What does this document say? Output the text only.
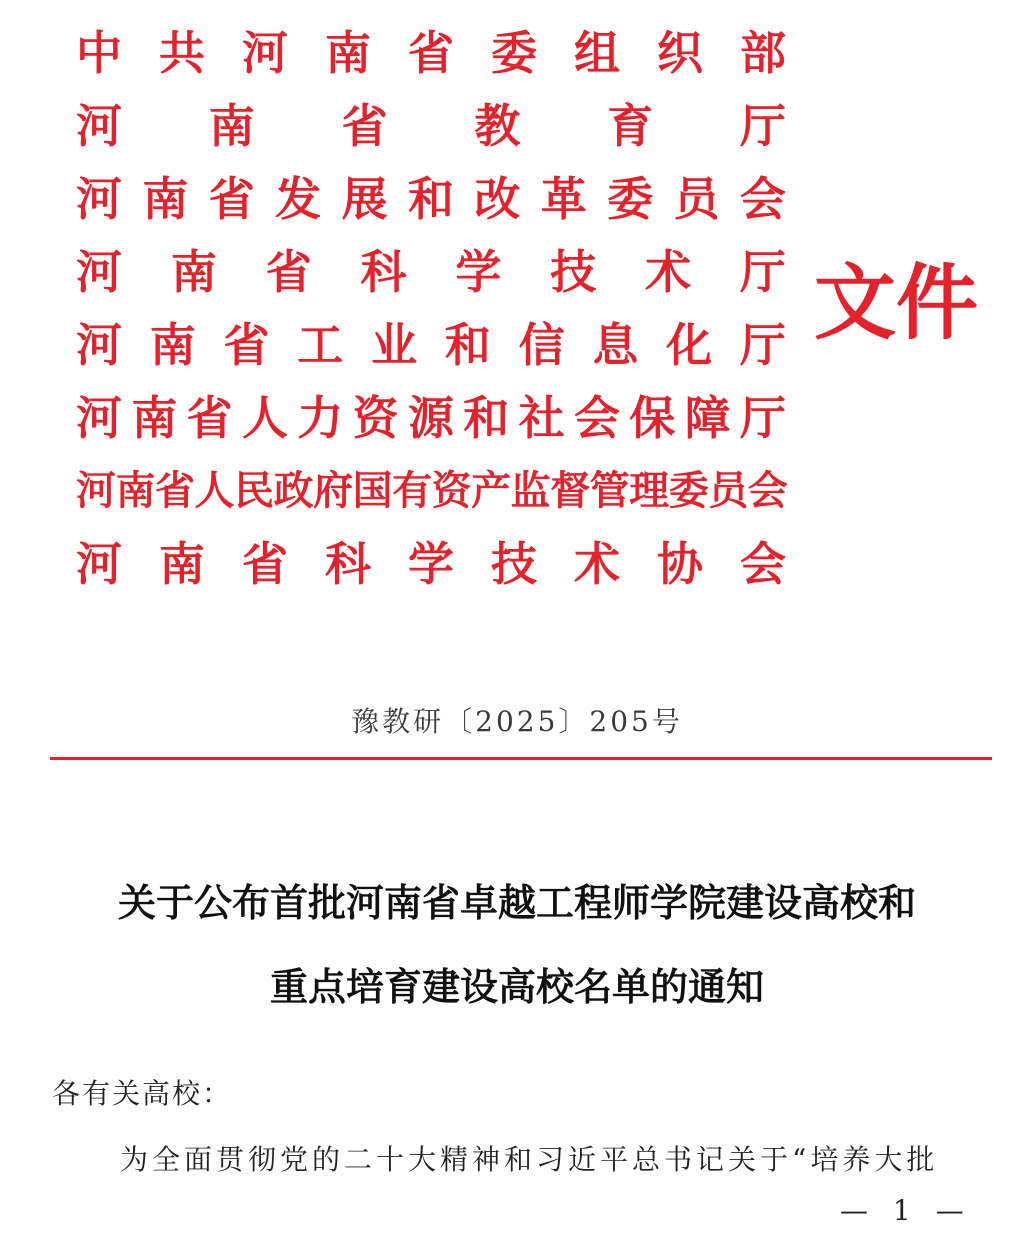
中 共 河 南 省 委 组 织 部
河 南 省 教 育 厅
河 南 省 发 展 和 改 革 委 员 会
河 南 省 科 学 技 术 厅
河 南 省 工 业 和 信 息 化 厅
河 南 省 人 力 资 源 和 社 会 保 障 厅
河 南 省 人 民 政 府 国 有 资 产 监 督 管 理 委 员 会
河 南 省 科 学 技 术 协 会
文件
豫教研〔2025〕205号
关于公布首批河南省卓越工程师学院建设高校和
重点培育建设高校名单的通知
各有关高校：
为全面贯彻党的二十大精神和习近平总书记关于“培养大批
— 1 —
